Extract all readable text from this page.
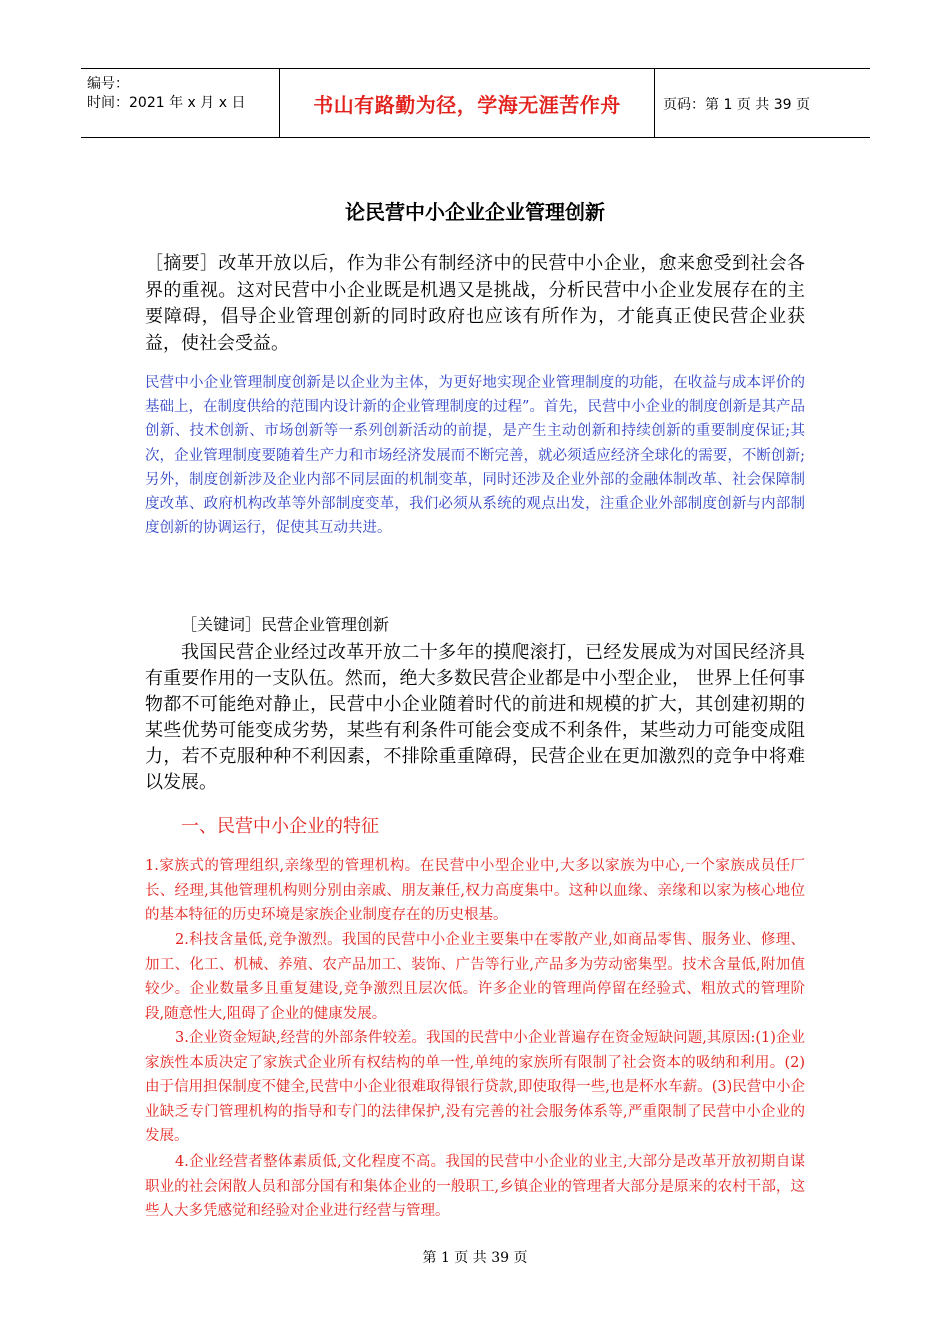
编号：
时间：2021 年 x 月 x 日	书山有路勤为径，学海无涯苦作舟	页码：第 1 页 共 39 页
论民营中小企业企业管理创新
［摘要］改革开放以后，作为非公有制经济中的民营中小企业，愈来愈受到社会各界的重视。这对民营中小企业既是机遇又是挑战，分析民营中小企业发展存在的主要障碍，倡导企业管理创新的同时政府也应该有所作为，才能真正使民营企业获益，使社会受益。
民营中小企业管理制度创新是以企业为主体，为更好地实现企业管理制度的功能，在收益与成本评价的基础上，在制度供给的范围内设计新的企业管理制度的过程”。首先，民营中小企业的制度创新是其产品创新、技术创新、市场创新等一系列创新活动的前提，是产生主动创新和持续创新的重要制度保证;其次，企业管理制度要随着生产力和市场经济发展而不断完善，就必须适应经济全球化的需要，不断创新;另外，制度创新涉及企业内部不同层面的机制变革，同时还涉及企业外部的金融体制改革、社会保障制度改革、政府机构改革等外部制度变革，我们必须从系统的观点出发，注重企业外部制度创新与内部制度创新的协调运行，促使其互动共进。
［关键词］民营企业管理创新
我国民营企业经过改革开放二十多年的摸爬滚打，已经发展成为对国民经济具有重要作用的一支队伍。然而，绝大多数民营企业都是中小型企业， 世界上任何事物都不可能绝对静止，民营中小企业随着时代的前进和规模的扩大，其创建初期的某些优势可能变成劣势，某些有利条件可能会变成不利条件，某些动力可能变成阻力，若不克服种种不利因素，不排除重重障碍，民营企业在更加激烈的竞争中将难以发展。
一、民营中小企业的特征
1.家族式的管理组织,亲缘型的管理机构。在民营中小型企业中,大多以家族为中心,一个家族成员任厂长、经理,其他管理机构则分别由亲戚、朋友兼任,权力高度集中。这种以血缘、亲缘和以家为核心地位的基本特征的历史环境是家族企业制度存在的历史根基。
2.科技含量低,竞争激烈。我国的民营中小企业主要集中在零散产业,如商品零售、服务业、修理、加工、化工、机械、养殖、农产品加工、装饰、广告等行业,产品多为劳动密集型。技术含量低,附加值较少。企业数量多且重复建设,竞争激烈且层次低。许多企业的管理尚停留在经验式、粗放式的管理阶段,随意性大,阻碍了企业的健康发展。
3.企业资金短缺,经营的外部条件较差。我国的民营中小企业普遍存在资金短缺问题,其原因:(1)企业家族性本质决定了家族式企业所有权结构的单一性,单纯的家族所有限制了社会资本的吸纳和利用。(2)由于信用担保制度不健全,民营中小企业很难取得银行贷款,即使取得一些,也是杯水车薪。(3)民营中小企业缺乏专门管理机构的指导和专门的法律保护,没有完善的社会服务体系等,严重限制了民营中小企业的发展。
4.企业经营者整体素质低,文化程度不高。我国的民营中小企业的业主,大部分是改革开放初期自谋职业的社会闲散人员和部分国有和集体企业的一般职工,乡镇企业的管理者大部分是原来的农村干部，这些人大多凭感觉和经验对企业进行经营与管理。
第 1 页 共 39 页
